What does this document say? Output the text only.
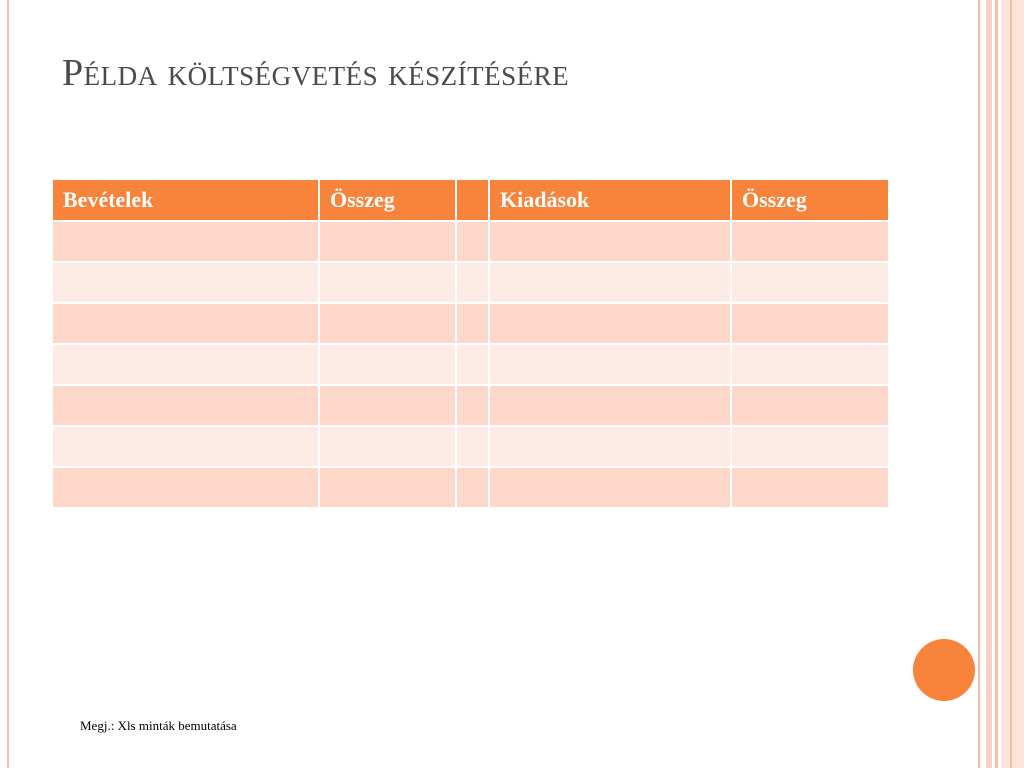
Példa költségvetés készítésére
Bevételek	Összeg		Kiadások	Összeg

Megj.: Xls minták bemutatása
